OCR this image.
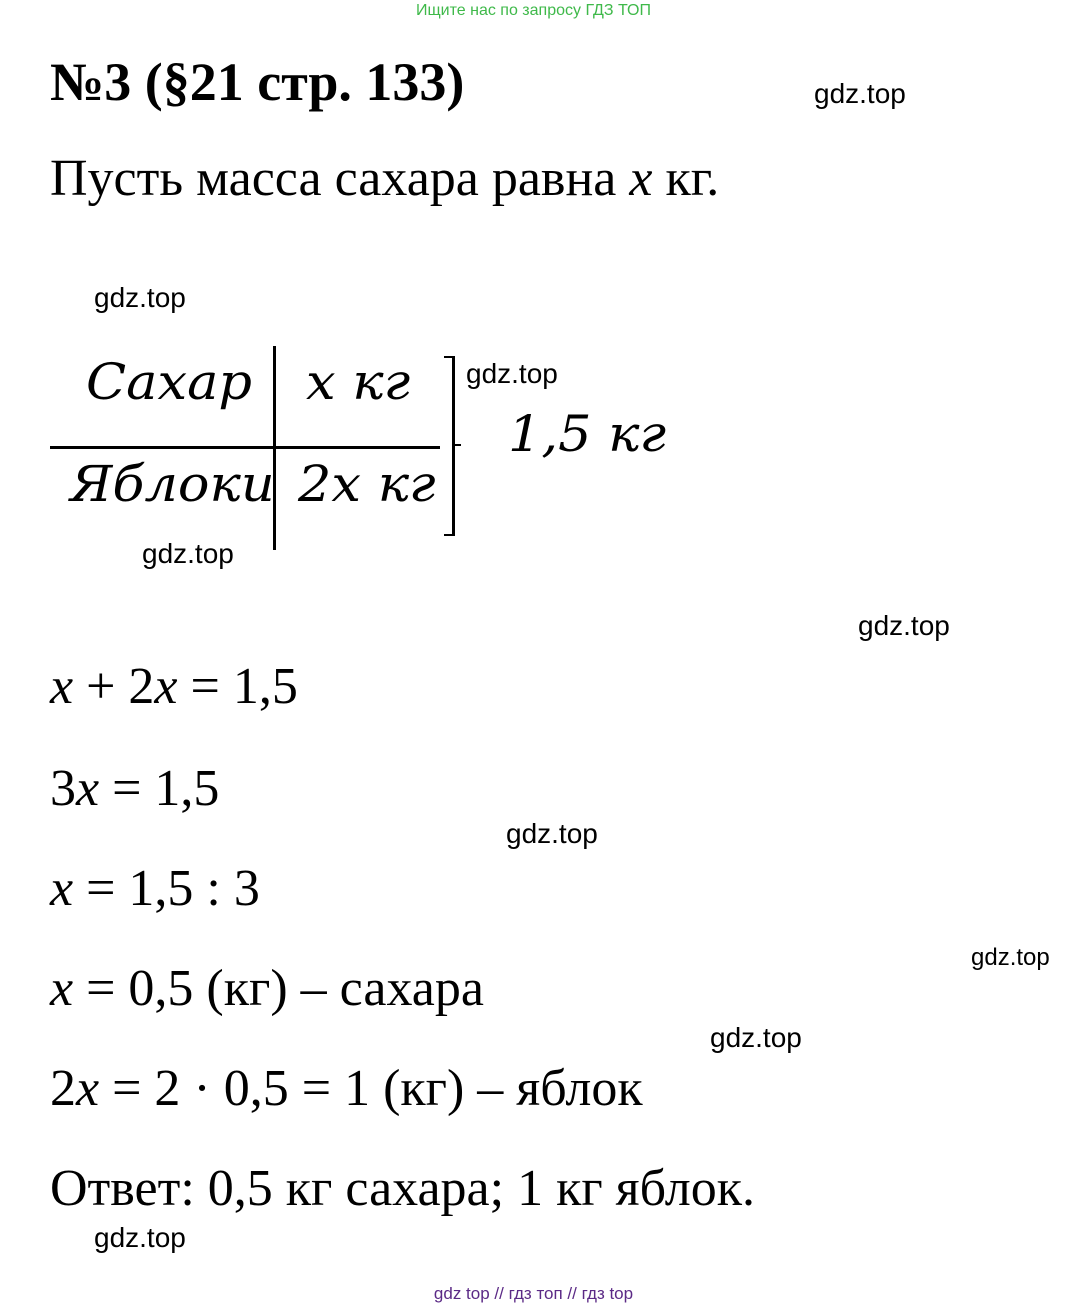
Ищите нас по запросу ГДЗ ТОП
№3 (§21 стр. 133)
Пусть масса сахара равна x кг.
gdz.top
gdz.top
gdz.top
gdz.top
gdz.top
gdz.top
gdz.top
gdz.top
gdz.top
Сахар x кг
Яблоки 2x кг
1,5 кг
x + 2x = 1,5
3x = 1,5
x = 1,5 : 3
x = 0,5 (кг) – сахара
2x = 2 · 0,5 = 1 (кг) – яблок
Ответ: 0,5 кг сахара; 1 кг яблок.
gdz top // гдз топ // гдз top
